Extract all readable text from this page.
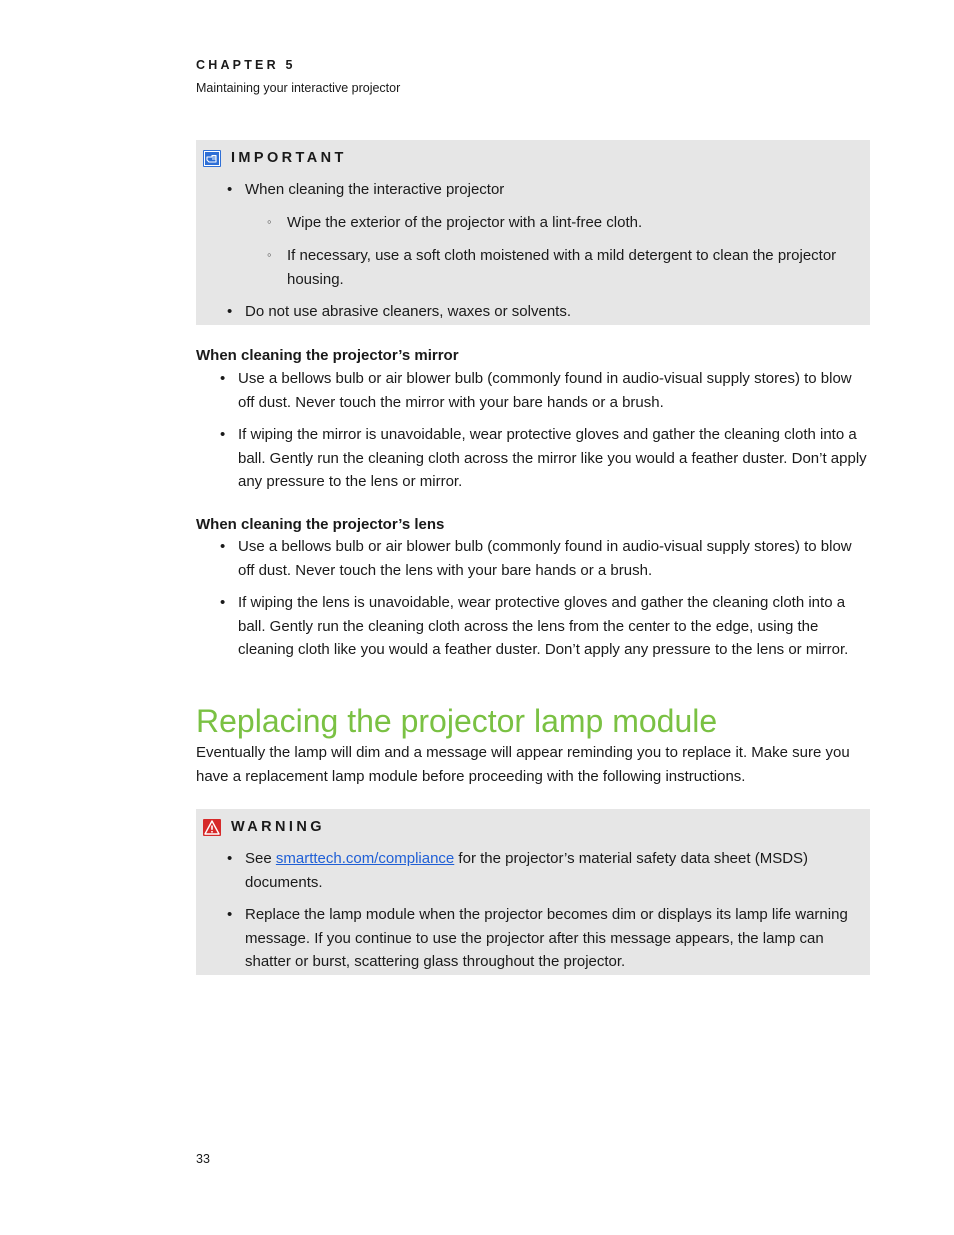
CHAPTER 5
Maintaining your interactive projector
IMPORTANT
• When cleaning the interactive projector
◦ Wipe the exterior of the projector with a lint-free cloth.
◦ If necessary, use a soft cloth moistened with a mild detergent to clean the projector housing.
• Do not use abrasive cleaners, waxes or solvents.
When cleaning the projector’s mirror
• Use a bellows bulb or air blower bulb (commonly found in audio-visual supply stores) to blow off dust. Never touch the mirror with your bare hands or a brush.
• If wiping the mirror is unavoidable, wear protective gloves and gather the cleaning cloth into a ball. Gently run the cleaning cloth across the mirror like you would a feather duster. Don’t apply any pressure to the lens or mirror.
When cleaning the projector’s lens
• Use a bellows bulb or air blower bulb (commonly found in audio-visual supply stores) to blow off dust. Never touch the lens with your bare hands or a brush.
• If wiping the lens is unavoidable, wear protective gloves and gather the cleaning cloth into a ball. Gently run the cleaning cloth across the lens from the center to the edge, using the cleaning cloth like you would a feather duster. Don’t apply any pressure to the lens or mirror.
Replacing the projector lamp module
Eventually the lamp will dim and a message will appear reminding you to replace it. Make sure you have a replacement lamp module before proceeding with the following instructions.
WARNING
• See smarttech.com/compliance for the projector’s material safety data sheet (MSDS) documents.
• Replace the lamp module when the projector becomes dim or displays its lamp life warning message. If you continue to use the projector after this message appears, the lamp can shatter or burst, scattering glass throughout the projector.
33
